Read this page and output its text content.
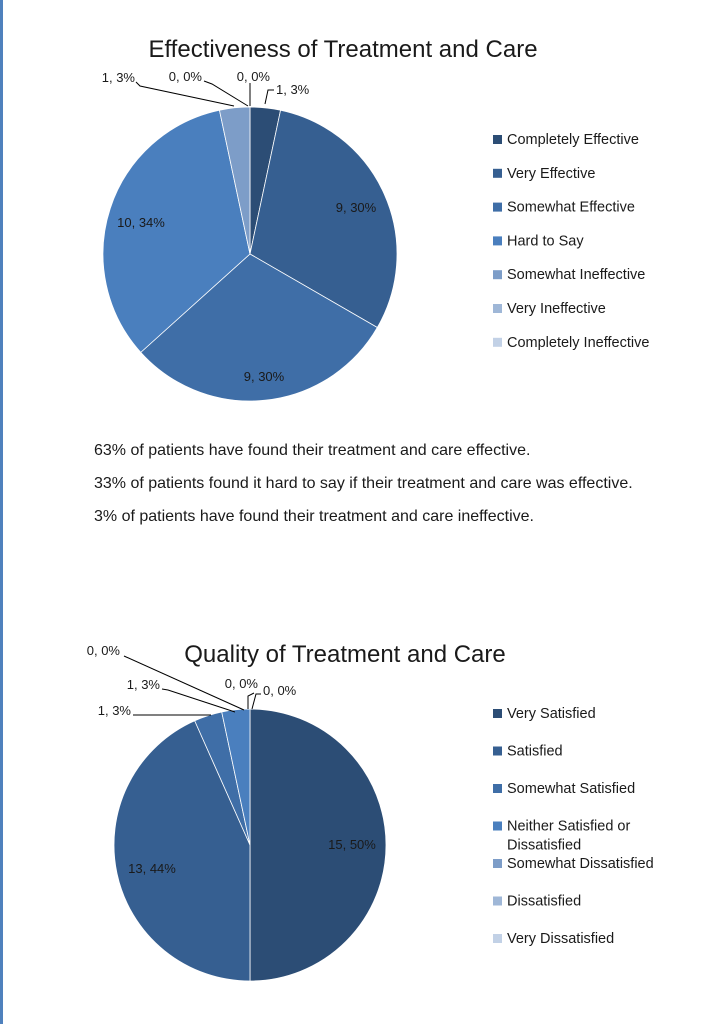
Effectiveness of Treatment and Care
1, 3%
9, 30%
9, 30%
10, 34%
1, 3%	0, 0%	0, 0%
Completely Effective
Very Effective
Somewhat Effective
Hard to Say
Somewhat Ineffective
Very Ineffective
Completely Ineffective

63% of patients have found their treatment and care effective.

33% of patients found it hard to say if their treatment and care was effective.

3% of patients have found their treatment and care ineffective.

Quality of Treatment and Care
15, 50%
13, 44%
1, 3%
1, 3%
0, 0%
0, 0% 0, 0%
Very Satisfied
Satisfied
Somewhat Satisfied
Neither Satisfied or Dissatisfied
Somewhat Dissatisfied
Dissatisfied
Very Dissatisfied
